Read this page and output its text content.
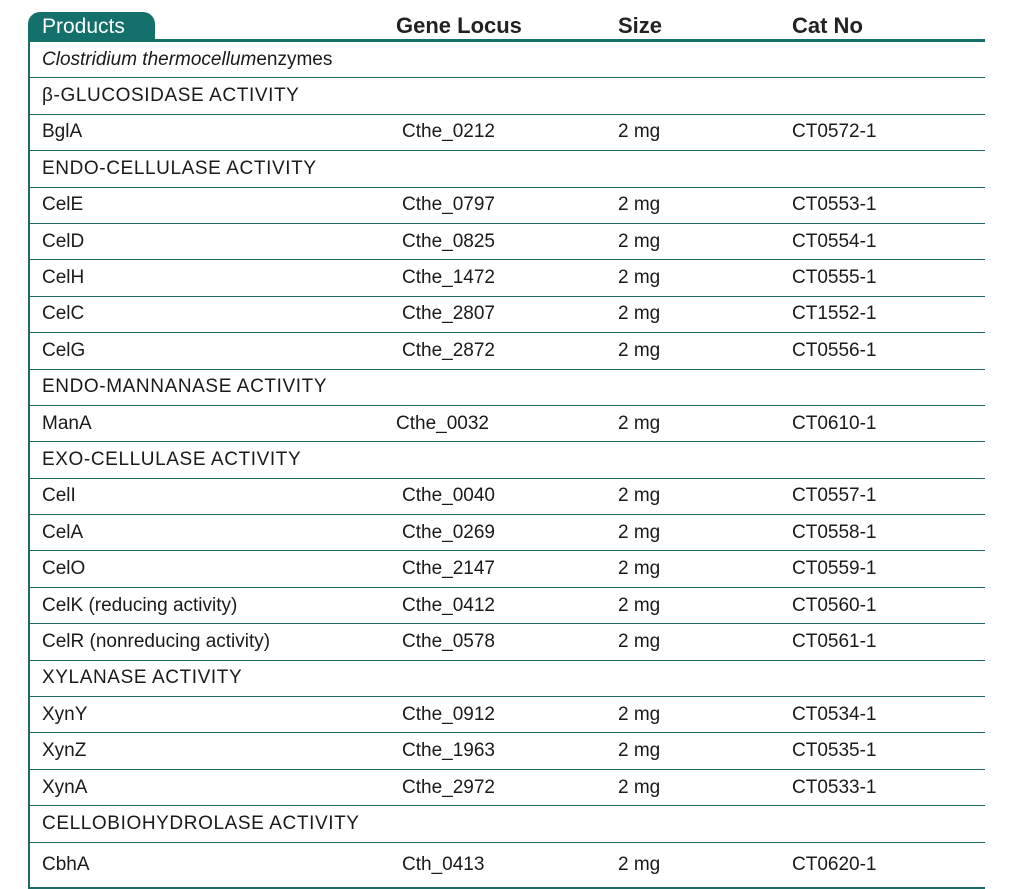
Products	Gene Locus	Size	Cat No
Clostridium thermocellum enzymes
β-GLUCOSIDASE ACTIVITY
BglA	Cthe_0212	2 mg	CT0572-1
ENDO-CELLULASE ACTIVITY
CelE	Cthe_0797	2 mg	CT0553-1
CelD	Cthe_0825	2 mg	CT0554-1
CelH	Cthe_1472	2 mg	CT0555-1
CelC	Cthe_2807	2 mg	CT1552-1
CelG	Cthe_2872	2 mg	CT0556-1
ENDO-MANNANASE ACTIVITY
ManA	Cthe_0032	2 mg	CT0610-1
EXO-CELLULASE ACTIVITY
CelI	Cthe_0040	2 mg	CT0557-1
CelA	Cthe_0269	2 mg	CT0558-1
CelO	Cthe_2147	2 mg	CT0559-1
CelK (reducing activity)	Cthe_0412	2 mg	CT0560-1
CelR (nonreducing activity)	Cthe_0578	2 mg	CT0561-1
XYLANASE ACTIVITY
XynY	Cthe_0912	2 mg	CT0534-1
XynZ	Cthe_1963	2 mg	CT0535-1
XynA	Cthe_2972	2 mg	CT0533-1
CELLOBIOHYDROLASE ACTIVITY
CbhA	Cth_0413	2 mg	CT0620-1
